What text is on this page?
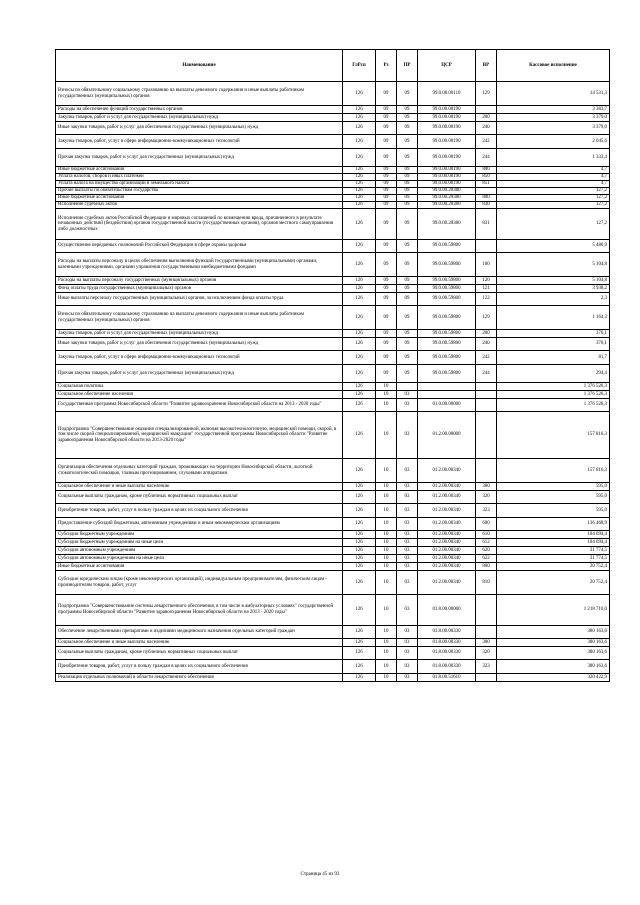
Наименование	ГлРсп	Рз	ПР	ЦСР	ВР	Кассовое исполнение
Взносы по обязательному социальному страхованию на выплаты денежного содержания и иные выплаты работникам государственных (муниципальных) органов	126	09	09	99.0.00.00110	129	14 531,3
Расходы на обеспечение функций государственных органов	126	09	09	99.0.00.00190		3 383,7
Закупка товаров, работ и услуг для государственных (муниципальных) нужд	126	09	09	99.0.00.00190	200	3 379,0
Иные закупки товаров, работ и услуг для обеспечения государственных (муниципальных) нужд	126	09	09	99.0.00.00190	240	3 379,0
Закупка товаров, работ, услуг в сфере информационно-коммуникационных технологий	126	09	09	99.0.00.00190	242	2 045,6
Прочая закупка товаров, работ и услуг для государственных (муниципальных) нужд	126	09	09	99.0.00.00190	244	1 333,4
Иные бюджетные ассигнования	126	09	09	99.0.00.00190	800	4,7
Уплата налогов, сборов и иных платежей	126	09	09	99.0.00.00190	850	4,7
Уплата налога на имущество организаций и земельного налога	126	09	09	99.0.00.00190	851	4,7
Прочие выплаты по обязательствам государства	126	09	09	99.0.00.20380		127,2
Иные бюджетные ассигнования	126	09	09	99.0.00.20380	800	127,2
Исполнение судебных актов	126	09	09	99.0.00.20380	830	127,2
Исполнение судебных актов Российской Федерации и мировых соглашений по возмещению вреда, причиненного в результате незаконных действий (бездействия) органов государственной власти (государственных органов), органов местного самоуправления либо должностных	126	09	09	99.0.00.20380	831	127,2
Осуществление переданных полномочий Российской Федерации в сфере охраны здоровья	126	09	09	99.0.00.59800		5 480,9
Расходы на выплаты персоналу в целях обеспечения выполнения функций государственными (муниципальными) органами, казенными учреждениями, органами управления государственными внебюджетными фондами	126	09	09	99.0.00.59800	100	5 104,8
Расходы на выплаты персоналу государственных (муниципальных) органов	126	09	09	99.0.00.59800	120	5 104,8
Фонд оплаты труда государственных (муниципальных) органов	126	09	09	99.0.00.59800	121	3 938,2
Иные выплаты персоналу государственных (муниципальных) органов, за исключением фонда оплаты труда	126	09	09	99.0.00.59800	122	2,3
Взносы по обязательному социальному страхованию на выплаты денежного содержания и иные выплаты работникам государственных (муниципальных) органов	126	09	09	99.0.00.59800	129	1 164,3
Закупка товаров, работ и услуг для государственных (муниципальных) нужд	126	09	09	99.0.00.59800	200	376,1
Иные закупки товаров, работ и услуг для обеспечения государственных (муниципальных) нужд	126	09	09	99.0.00.59800	240	376,1
Закупка товаров, работ, услуг в сфере информационно-коммуникационных технологий	126	09	09	99.0.00.59800	242	81,7
Прочая закупка товаров, работ и услуг для государственных (муниципальных) нужд	126	09	09	99.0.00.59800	244	294,4
Социальная политика	126	10				1 376 526,3
Социальное обеспечение населения	126	10	03			1 376 526,3
Государственная программа Новосибирской области "Развитие здравоохранения Новосибирской области на 2013 - 2020 годы"	126	10	03	01.0.00.00000		1 376 526,3
Подпрограмма "Совершенствование оказания специализированной, включая высокотехнологичную, медицинской помощи, скорой, в том числе скорой специализированной, медицинской эвакуации" государственной программы Новосибирской области "Развитие здравоохранения Новосибирской области на 2013-2020 годы"	126	10	03	01.2.00.00000		157 816,3
Организация обеспечения отдельных категорий граждан, проживающих на территории Новосибирской области, льготной стоматологической помощью, глазным протезированием, слуховыми аппаратами	126	10	03	01.2.00.00340		157 816,3
Социальное обеспечение и иные выплаты населению	126	10	03	01.2.00.00340	300	595,0
Социальные выплаты гражданам, кроме публичных нормативных социальных выплат	126	10	03	01.2.00.00340	320	595,0
Приобретение товаров, работ, услуг в пользу граждан в целях их социального обеспечения	126	10	03	01.2.00.00340	323	595,0
Предоставление субсидий бюджетным, автономным учреждениям и иным некоммерческим организациям	126	10	03	01.2.00.00340	600	136 468,9
Субсидии бюджетным учреждениям	126	10	03	01.2.00.00340	610	104 694,4
Субсидии бюджетным учреждениям на иные цели	126	10	03	01.2.00.00340	612	104 694,4
Субсидии автономным учреждениям	126	10	03	01.2.00.00340	620	31 774,5
Субсидии автономным учреждениям на иные цели	126	10	03	01.2.00.00340	622	31 774,5
Иные бюджетные ассигнования	126	10	03	01.2.00.00340	800	20 752,4
Субсидии юридическим лицам (кроме некоммерческих организаций), индивидуальным предпринимателям, физическим лицам - производителям товаров, работ, услуг	126	10	03	01.2.00.00340	810	20 752,4
Подпрограмма "Совершенствование системы лекарственного обеспечения, в том числе в амбулаторных условиях" государственной программы Новосибирской области "Развитие здравоохранения Новосибирской области на 2013 - 2020 годы"	126	10	03	01.8.00.00000		1 218 710,0
Обеспечение лекарственными препаратами и изделиями медицинского назначения отдельных категорий граждан	126	10	03	01.8.00.00330		380 163,6
Социальное обеспечение и иные выплаты населению	126	10	03	01.8.00.00330	300	380 163,6
Социальные выплаты гражданам, кроме публичных нормативных социальных выплат	126	10	03	01.8.00.00330	320	380 163,6
Приобретение товаров, работ, услуг в пользу граждан в целях их социального обеспечения	126	10	03	01.8.00.00330	323	380 163,6
Реализация отдельных полномочий в области лекарственного обеспечения	126	10	03	01.8.00.51610		320 422,9
Страница 45 из 93
